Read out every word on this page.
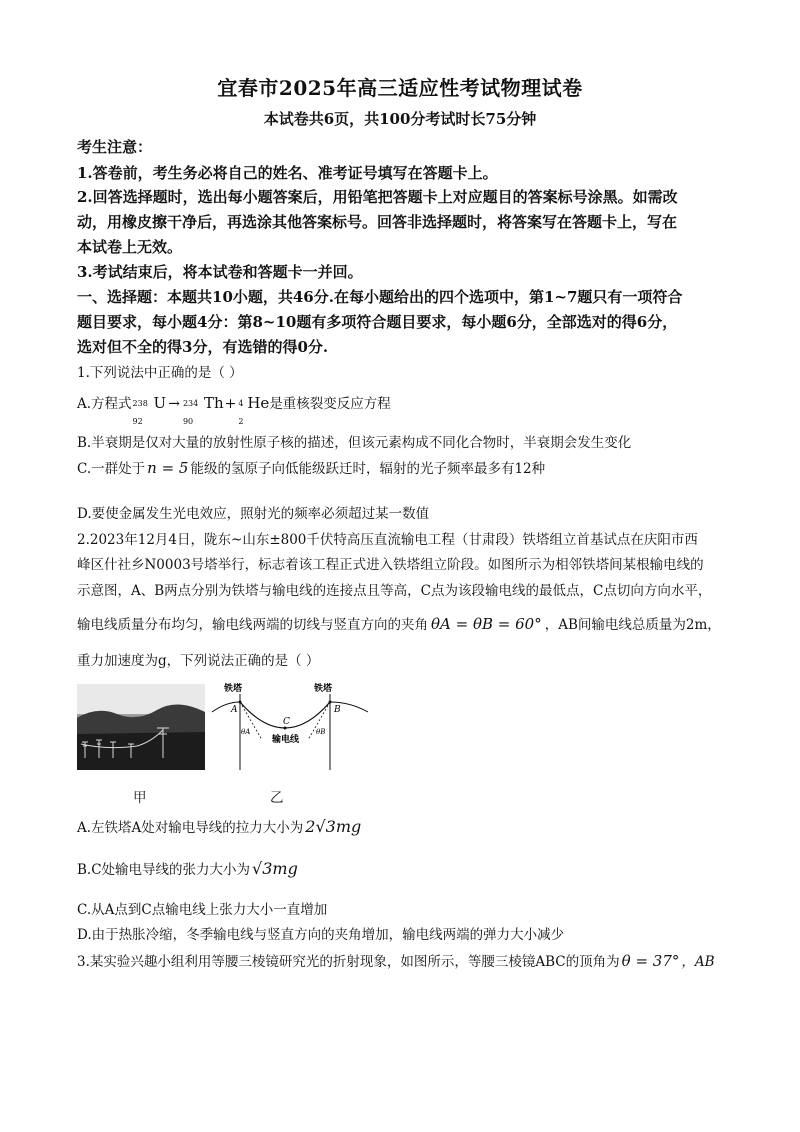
宜春市2025年高三适应性考试物理试卷
本试卷共6页，共100分考试时长75分钟
考生注意：
1.答卷前，考生务必将自己的姓名、准考证号填写在答题卡上。
2.回答选择题时，选出每小题答案后，用铅笔把答题卡上对应题目的答案标号涂黑。如需改
动，用橡皮擦干净后，再选涂其他答案标号。回答非选择题时，将答案写在答题卡上，写在
本试卷上无效。
3.考试结束后，将本试卷和答题卡一并回。
一、选择题：本题共10小题，共46分.在每小题给出的四个选项中，第1~7题只有一项符合
题目要求，每小题4分：第8~10题有多项符合题目要求，每小题6分，全部选对的得6分，
选对但不全的得3分，有选错的得0分.
1.下列说法中正确的是（ ）
A.方程式 238
92
U → 234
90
Th+ 4
2
He是重核裂变反应方程
B.半衰期是仅对大量的放射性原子核的描述，但该元素构成不同化合物时，半衰期会发生变化
C.一群处于 n = 5 能级的氢原子向低能级跃迁时，辐射的光子频率最多有12种
D.要使金属发生光电效应，照射光的频率必须超过某一数值
2.2023年12月4日，陇东~山东±800千伏特高压直流输电工程（甘肃段）铁塔组立首基试点在庆阳市西
峰区什社乡N0003号塔举行，标志着该工程正式进入铁塔组立阶段。如图所示为相邻铁塔间某根输电线的
示意图，A、B两点分别为铁塔与输电线的连接点且等高，C点为该段输电线的最低点，C点切向方向水平，
输电线质量分布均匀，输电线两端的切线与竖直方向的夹角 θA = θB = 60° ，AB间输电线总质量为2m，
重力加速度为g，下列说法正确的是（ ）
甲
铁塔	铁塔
A	B
C
θA	θB
输电线
乙
A.左铁塔A处对输电导线的拉力大小为 2√3mg
B.C处输电导线的张力大小为 √3mg
C.从A点到C点输电线上张力大小一直增加
D.由于热胀冷缩，冬季输电线与竖直方向的夹角增加，输电线两端的弹力大小减少
3.某实验兴趣小组利用等腰三棱镜研究光的折射现象，如图所示，等腰三棱镜ABC的顶角为 θ = 37° ，AB
